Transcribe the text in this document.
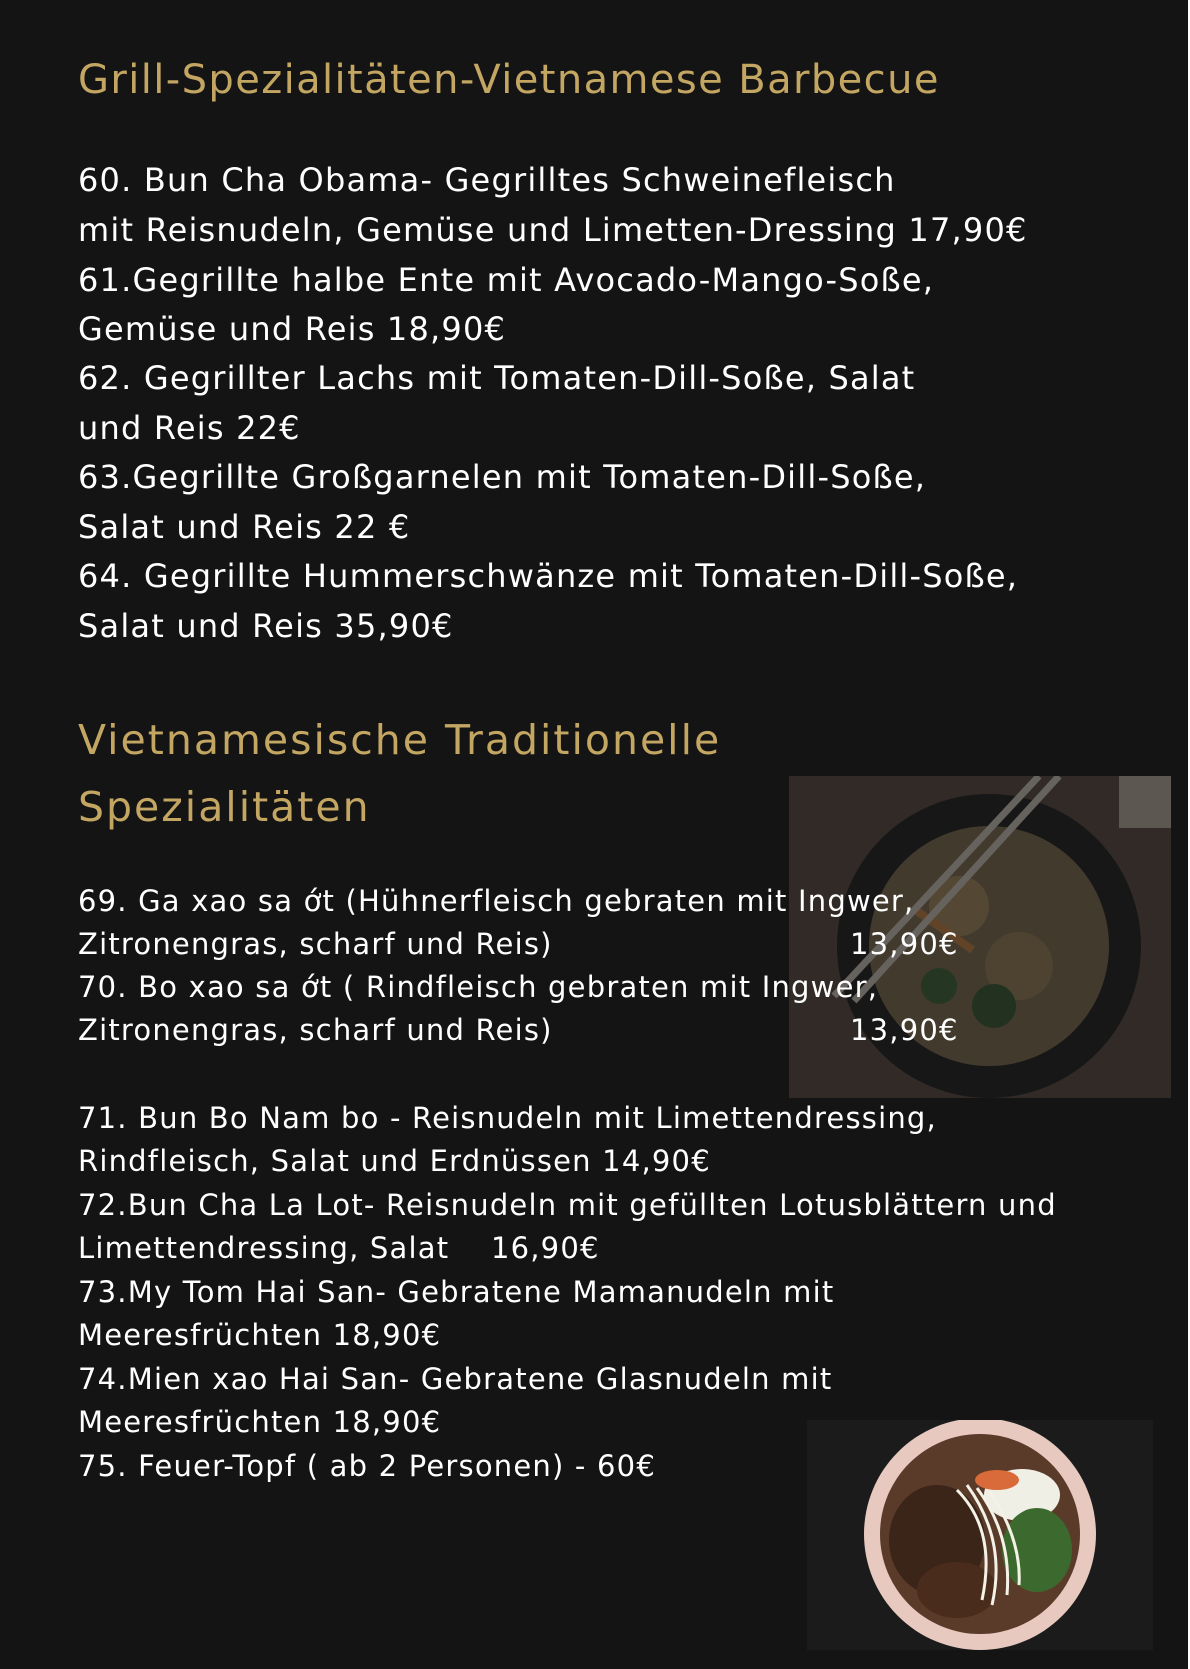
Grill-Spezialitäten-Vietnamese Barbecue

60. Bun Cha Obama- Gegrilltes Schweinefleisch

mit Reisnudeln, Gemüse und Limetten-Dressing 17,90€

61.Gegrillte halbe Ente mit Avocado-Mango-Soße,

Gemüse und Reis 18,90€

62. Gegrillter Lachs mit Tomaten-Dill-Soße, Salat

und Reis 22€

63.Gegrillte Großgarnelen mit Tomaten-Dill-Soße,

Salat und Reis 22 €

64. Gegrillte Hummerschwänze mit Tomaten-Dill-Soße,

Salat und Reis 35,90€

Vietnamesische Traditionelle
Spezialitäten

69. Ga xao sa ớt (Hühnerfleisch gebraten mit Ingwer,

Zitronengras, scharf und Reis)	13,90€

70. Bo xao sa ớt ( Rindfleisch gebraten mit Ingwer,

Zitronengras, scharf und Reis)	13,90€

71. Bun Bo Nam bo - Reisnudeln mit Limettendressing,

Rindfleisch, Salat und Erdnüssen 14,90€

72.Bun Cha La Lot- Reisnudeln mit gefüllten Lotusblättern und

Limettendressing, Salat    16,90€

73.My Tom Hai San- Gebratene Mamanudeln mit

Meeresfrüchten 18,90€

74.Mien xao Hai San- Gebratene Glasnudeln mit

Meeresfrüchten 18,90€

75. Feuer-Topf ( ab 2 Personen) - 60€
